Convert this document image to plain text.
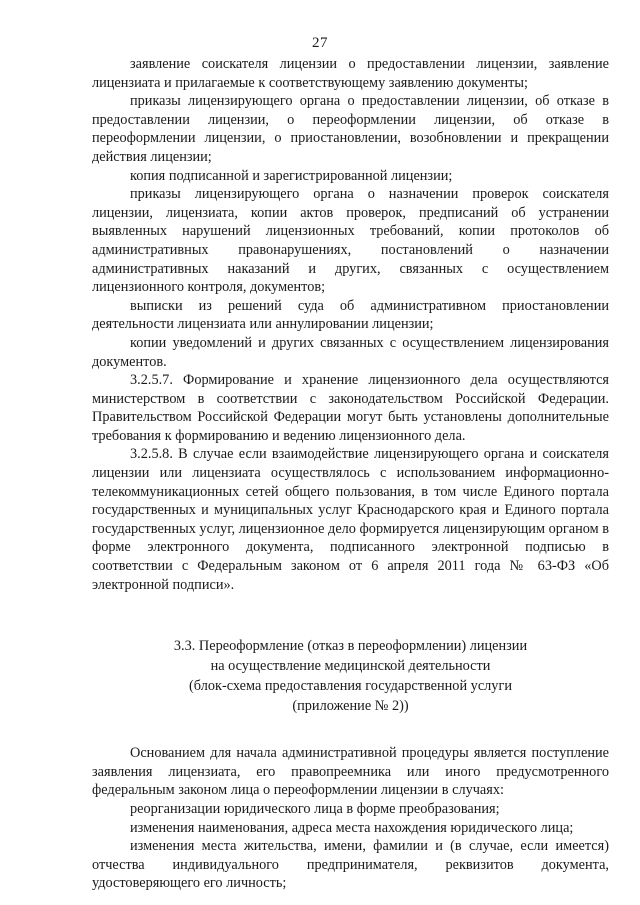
27

заявление соискателя лицензии о предоставлении лицензии, заявление лицензиата и прилагаемые к соответствующему заявлению документы;

приказы лицензирующего органа о предоставлении лицензии, об отказе в предоставлении лицензии, о переоформлении лицензии, об отказе в переоформлении лицензии, о приостановлении, возобновлении и прекращении действия лицензии;

копия подписанной и зарегистрированной лицензии;

приказы лицензирующего органа о назначении проверок соискателя лицензии, лицензиата, копии актов проверок, предписаний об устранении выявленных нарушений лицензионных требований, копии протоколов об административных правонарушениях, постановлений о назначении административных наказаний и других, связанных с осуществлением лицензионного контроля, документов;

выписки из решений суда об административном приостановлении деятельности лицензиата или аннулировании лицензии;

копии уведомлений и других связанных с осуществлением лицензирования документов.

3.2.5.7. Формирование и хранение лицензионного дела осуществляются министерством в соответствии с законодательством Российской Федерации. Правительством Российской Федерации могут быть установлены дополнительные требования к формированию и ведению лицензионного дела.

3.2.5.8. В случае если взаимодействие лицензирующего органа и соискателя лицензии или лицензиата осуществлялось с использованием информационно-телекоммуникационных сетей общего пользования, в том числе Единого портала государственных и муниципальных услуг Краснодарского края и Единого портала государственных услуг, лицензионное дело формируется лицензирующим органом в форме электронного документа, подписанного электронной подписью в соответствии с Федеральным законом от 6 апреля 2011 года № 63-ФЗ «Об электронной подписи».

3.3. Переоформление (отказ в переоформлении) лицензии
на осуществление медицинской деятельности
(блок-схема предоставления государственной услуги
(приложение № 2))

Основанием для начала административной процедуры является поступление заявления лицензиата, его правопреемника или иного предусмотренного федеральным законом лица о переоформлении лицензии в случаях:

реорганизации юридического лица в форме преобразования;

изменения наименования, адреса места нахождения юридического лица;

изменения места жительства, имени, фамилии и (в случае, если имеется) отчества индивидуального предпринимателя, реквизитов документа, удостоверяющего его личность;
